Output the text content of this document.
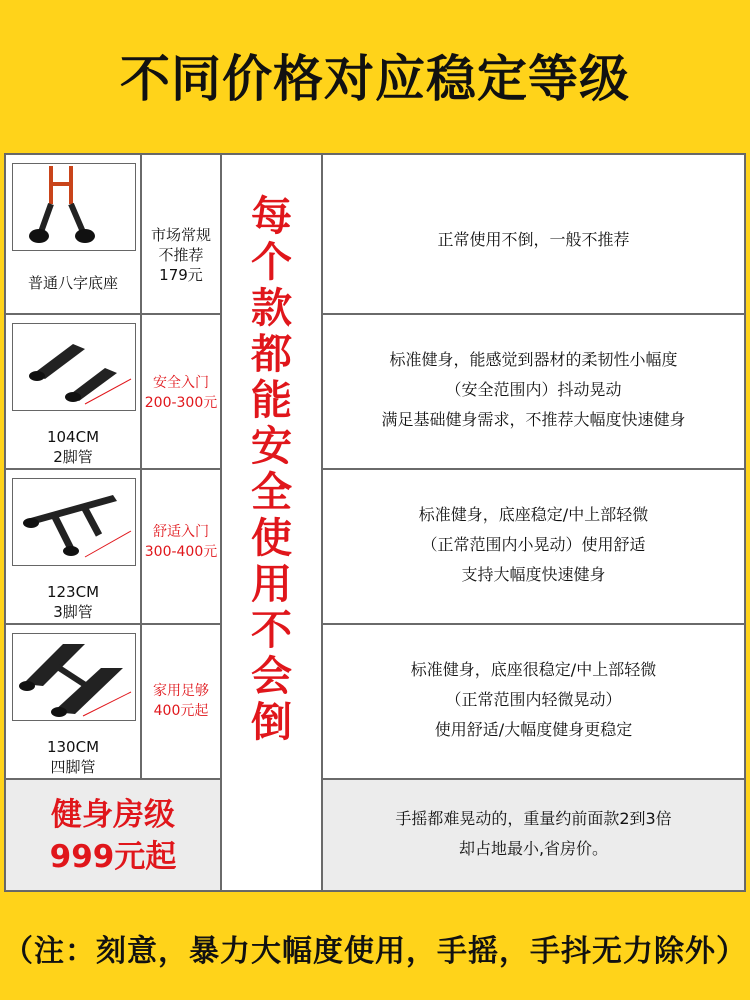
不同价格对应稳定等级
普通八字底座
市场常规
不推荐
179元
正常使用不倒，一般不推荐
104CM
2脚管
安全入门
200-300元
标准健身，能感觉到器材的柔韧性小幅度
（安全范围内）抖动晃动
满足基础健身需求，不推荐大幅度快速健身
123CM
3脚管
舒适入门
300-400元
标准健身，底座稳定/中上部轻微
（正常范围内小晃动）使用舒适
支持大幅度快速健身
130CM
四脚管
家用足够
400元起
标准健身，底座很稳定/中上部轻微
（正常范围内轻微晃动）
使用舒适/大幅度健身更稳定
健身房级
999元起
手摇都难晃动的，重量约前面款2到3倍
却占地最小,省房价。
每
个
款
都
能
安
全
使
用
不
会
倒
（注：刻意，暴力大幅度使用，手摇，手抖无力除外）
